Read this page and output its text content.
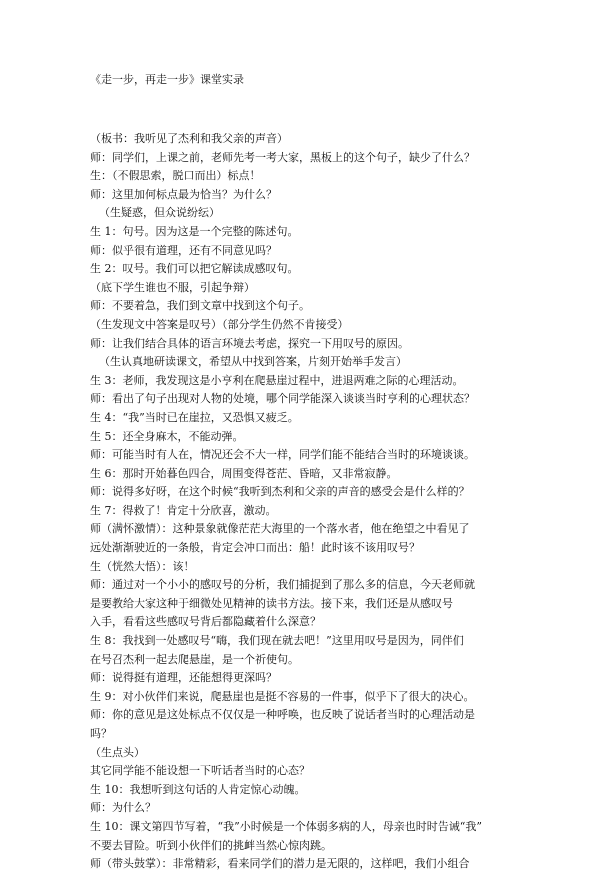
《走一步，再走一步》课堂实录
（板书：我听见了杰利和我父亲的声音）
师：同学们，上课之前，老师先考一考大家，黑板上的这个句子，缺少了什么？
生：（不假思索，脱口而出）标点！
师：这里加何标点最为恰当？为什么？
（生疑惑，但众说纷纭）
生 1：句号。因为这是一个完整的陈述句。
师：似乎很有道理，还有不同意见吗？
生 2：叹号。我们可以把它解读成感叹句。
（底下学生谁也不服，引起争辩）
师：不要着急，我们到文章中找到这个句子。
（生发现文中答案是叹号）（部分学生仍然不肯接受）
师：让我们结合具体的语言环境去考虑，探究一下用叹号的原因。
（生认真地研读课文，希望从中找到答案，片刻开始举手发言）
生 3：老师，我发现这是小亨利在爬悬崖过程中，进退两难之际的心理活动。
师：看出了句子出现对人物的处境，哪个同学能深入谈谈当时亨利的心理状态？
生 4：“我”当时已在崖拉，又恐惧又疲乏。
生 5：还全身麻木，不能动弹。
师：可能当时有人在，情况还会不大一样，同学们能不能结合当时的环境谈谈。
生 6：那时开始暮色四合，周围变得苍茫、昏暗，又非常寂静。
师：说得多好呀，在这个时候“我听到杰利和父亲的声音的感受会是什么样的？
生 7：得救了！肯定十分欣喜，激动。
师（满怀激情）：这种景象就像茫茫大海里的一个落水者，他在绝望之中看见了
远处渐渐驶近的一条般，肯定会冲口而出：船！此时该不该用叹号？
生（恍然大悟）：该！
师：通过对一个小小的感叹号的分析，我们捕捉到了那么多的信息，今天老师就
是要教给大家这种于细微处见精神的读书方法。接下来，我们还是从感叹号
入手，看看这些感叹号背后都隐藏着什么深意？
生 8：我找到一处感叹号“嗨，我们现在就去吧！”这里用叹号是因为，同伴们
在号召杰利一起去爬悬崖，是一个祈使句。
师：说得挺有道理，还能想得更深吗？
生 9：对小伙伴们来说，爬悬崖也是挺不容易的一件事，似乎下了很大的决心。
师：你的意见是这处标点不仅仅是一种呼唤，也反映了说话者当时的心理活动是
吗？
（生点头）
其它同学能不能设想一下听话者当时的心态？
生 10：我想听到这句话的人肯定惊心动魄。
师：为什么？
生 10：课文第四节写着，“我”小时候是一个体弱多病的人，母亲也时时告诫“我”
不要去冒险。听到小伙伴们的挑衅当然心惊肉跳。
师（带头鼓掌）：非常精彩，看来同学们的潜力是无限的，这样吧，我们小组合
